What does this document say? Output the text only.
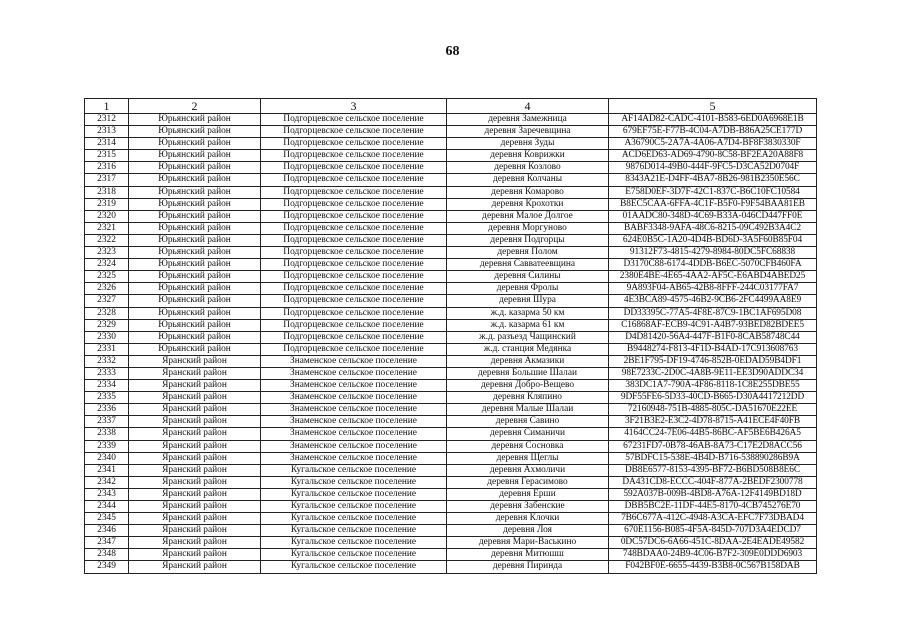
68
1	2	3	4	5
2312	Юрьянский район	Подгорцевское сельское поселение	деревня Замежница	AF14AD82-CADC-4101-B583-6ED0A6968E1B
2313	Юрьянский район	Подгорцевское сельское поселение	деревня Заречевщина	679EF75E-F77B-4C04-A7DB-B86A25CE177D
2314	Юрьянский район	Подгорцевское сельское поселение	деревня Зуды	A36790C5-2A7A-4A06-A7D4-BF8F3830330F
2315	Юрьянский район	Подгорцевское сельское поселение	деревня Коврижки	ACD6ED63-AD69-4790-8C58-BF2EA20A88F8
2316	Юрьянский район	Подгорцевское сельское поселение	деревня Козлово	9876D014-49B0-444F-9FC5-D3CA52D0704F
2317	Юрьянский район	Подгорцевское сельское поселение	деревня Колчаны	8343A21E-D4FF-4BA7-8B26-981B2350E56C
2318	Юрьянский район	Подгорцевское сельское поселение	деревня Комарово	E758D0EF-3D7F-42C1-837C-B6C10FC10584
2319	Юрьянский район	Подгорцевское сельское поселение	деревня Крохотки	B8EC5CAA-6FFA-4C1F-B5F0-F9F54BAA81EB
2320	Юрьянский район	Подгорцевское сельское поселение	деревня Малое Долгое	01AADC80-348D-4C69-B33A-046CD447FF0E
2321	Юрьянский район	Подгорцевское сельское поселение	деревня Моргуново	BABF3348-9AFA-48C6-8215-09C492B3A4C2
2322	Юрьянский район	Подгорцевское сельское поселение	деревня Подгорцы	624E0B5C-1A20-4D4B-BD6D-3A5F60B85F04
2323	Юрьянский район	Подгорцевское сельское поселение	деревня Полом	91312F73-4815-4279-8984-80DC5FC68838
2324	Юрьянский район	Подгорцевское сельское поселение	деревня Савватеевщина	D3170C88-6174-4DDB-B6EC-5070CFB460FA
2325	Юрьянский район	Подгорцевское сельское поселение	деревня Силины	2380E4BE-4E65-4AA2-AF5C-E6ABD4ABED25
2326	Юрьянский район	Подгорцевское сельское поселение	деревня Фролы	9A893F04-AB65-42B8-8FFF-244C03177FA7
2327	Юрьянский район	Подгорцевское сельское поселение	деревня Шура	4E3BCA89-4575-46B2-9CB6-2FC4499AA8E9
2328	Юрьянский район	Подгорцевское сельское поселение	ж.д. казарма 50 км	DD33395C-77A5-4F8E-87C9-1BC1AF695D08
2329	Юрьянский район	Подгорцевское сельское поселение	ж.д. казарма 61 км	C16868AF-ECB9-4C91-A4B7-93BED82BDEE5
2330	Юрьянский район	Подгорцевское сельское поселение	ж.д. разъезд Чащинский	D4D81420-56A4-447F-B1F0-8CAB58748C44
2331	Юрьянский район	Подгорцевское сельское поселение	ж.д. станция Медянка	B9448274-F813-4F1D-B4AD-17C913608763
2332	Яранский район	Знаменское сельское поселение	деревня Акмазики	2BE1F795-DF19-4746-852B-0EDAD59B4DF1
2333	Яранский район	Знаменское сельское поселение	деревня Большие Шалаи	98E7233C-2D0C-4A8B-9E11-EE3D90ADDC34
2334	Яранский район	Знаменское сельское поселение	деревня Добро-Вещево	383DC1A7-790A-4F86-8118-1C8E255DBE55
2335	Яранский район	Знаменское сельское поселение	деревня Кляпино	9DF55FE6-5D33-40CD-B665-D30A4417212DD
2336	Яранский район	Знаменское сельское поселение	деревня Малые Шалаи	72160948-751B-4885-805C-DA51670E22EE
2337	Яранский район	Знаменское сельское поселение	деревня Савино	3F21B3E2-E3C2-4D78-8715-A41ECE4F40FB
2338	Яранский район	Знаменское сельское поселение	деревня Симаничи	4164CC24-7E06-44B5-86BC-AF5BE6B426A5
2339	Яранский район	Знаменское сельское поселение	деревня Сосновка	67231FD7-0B78-46AB-8A73-C17E2D8ACC56
2340	Яранский район	Знаменское сельское поселение	деревня Щеглы	57BDFC15-538E-4B4D-B716-538890286B9A
2341	Яранский район	Кугальское сельское поселение	деревня Ахмоличи	DB8E6577-8153-4395-BF72-B6BD508B8E6C
2342	Яранский район	Кугальское сельское поселение	деревня Герасимово	DA431CD8-ECCC-404F-877A-2BEDF2300778
2343	Яранский район	Кугальское сельское поселение	деревня Ерши	592A037B-009B-4BD8-A76A-12F4149BD18D
2344	Яранский район	Кугальское сельское поселение	деревня Забенские	DBB5BC2E-11DF-44E5-8170-4CB745276E70
2345	Яранский район	Кугальское сельское поселение	деревня Клочки	7B6C677A-412C-4948-A3CA-EFC7F73DBAD4
2346	Яранский район	Кугальское сельское поселение	деревня Лоя	670E1156-B085-4F5A-845D-707D3A4EDCD7
2347	Яранский район	Кугальское сельское поселение	деревня Мари-Васькино	0DC57DC6-6A66-451C-8DAA-2E4EADE49582
2348	Яранский район	Кугальское сельское поселение	деревня Митюшш	748BDAA0-24B9-4C06-B7F2-309E0DDD6903
2349	Яранский район	Кугальское сельское поселение	деревня Пиринда	F042BF0E-6655-4439-B3B8-0C567B158DAB
